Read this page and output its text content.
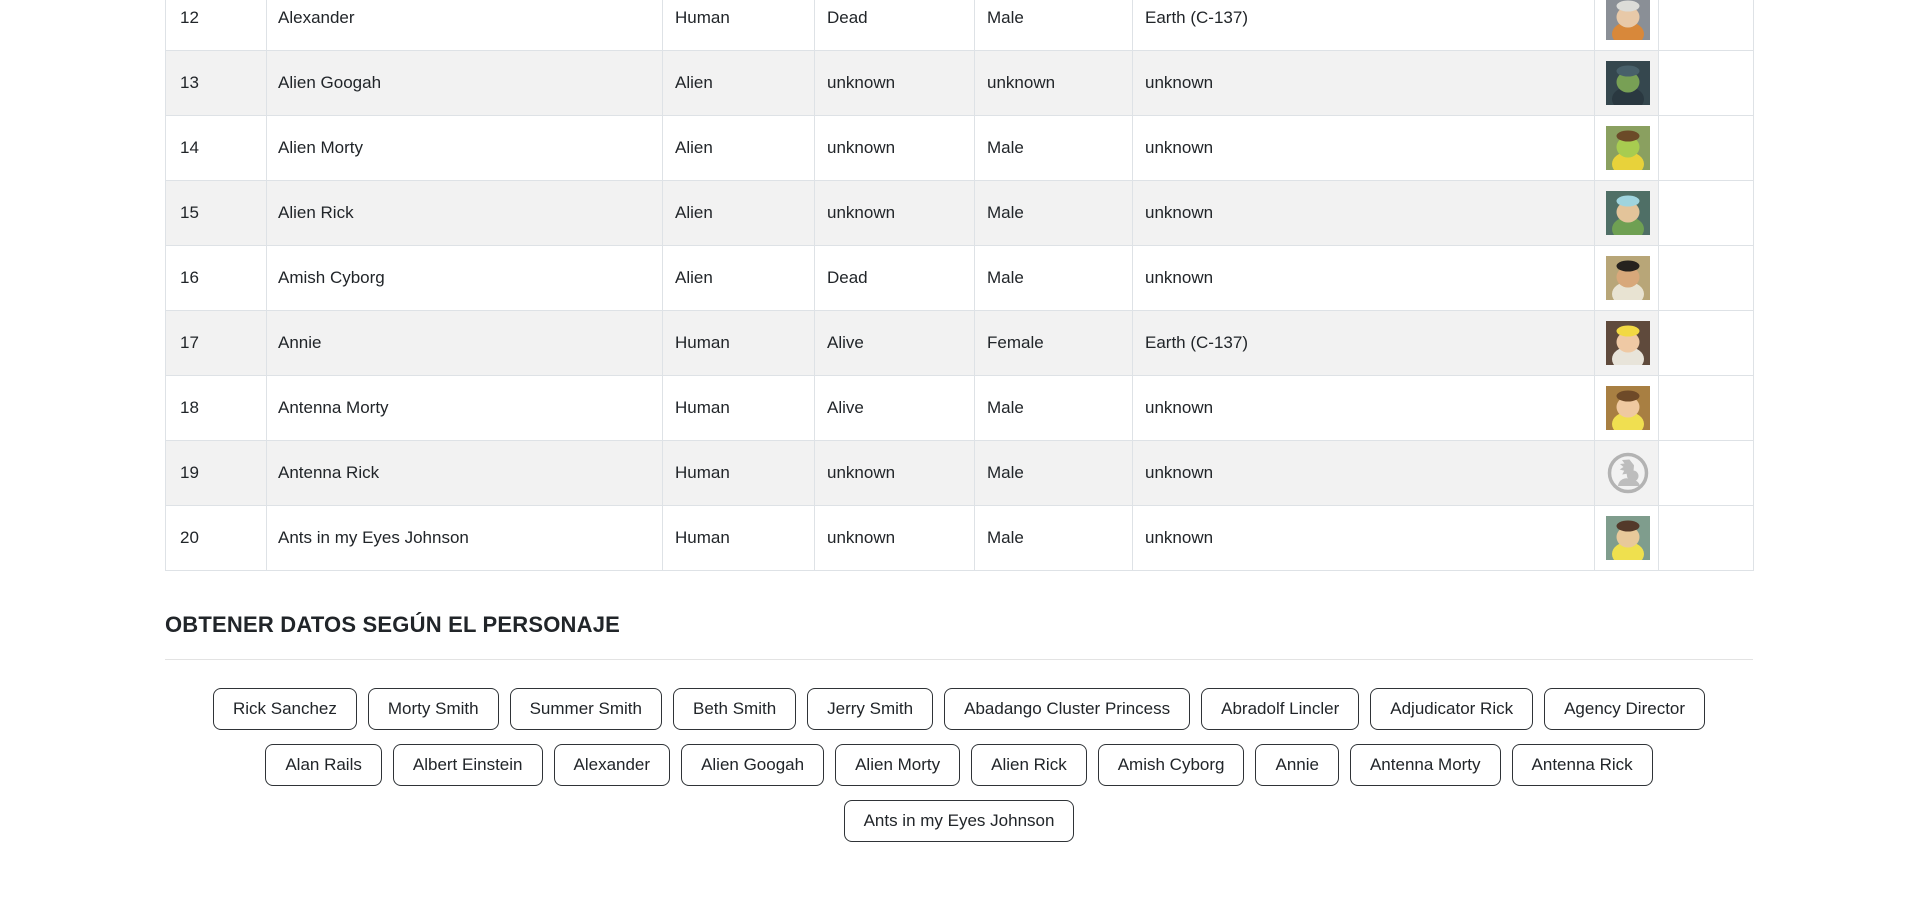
12	Alexander	Human	Dead	Male	Earth (C-137)	

13	Alien Googah	Alien	unknown	unknown	unknown	

14	Alien Morty	Alien	unknown	Male	unknown	

15	Alien Rick	Alien	unknown	Male	unknown	

16	Amish Cyborg	Alien	Dead	Male	unknown	

17	Annie	Human	Alive	Female	Earth (C-137)	

18	Antenna Morty	Human	Alive	Male	unknown	

19	Antenna Rick	Human	unknown	Male	unknown	

20	Ants in my Eyes Johnson	Human	unknown	Male	unknown	

OBTENER DATOS SEGÚN EL PERSONAJE
Rick Sanchez	Morty Smith	Summer Smith	Beth Smith	Jerry Smith	Abadango Cluster Princess	Abradolf Lincler	Adjudicator Rick	Agency Director
Alan Rails	Albert Einstein	Alexander	Alien Googah	Alien Morty	Alien Rick	Amish Cyborg	Annie	Antenna Morty	Antenna Rick
Ants in my Eyes Johnson
